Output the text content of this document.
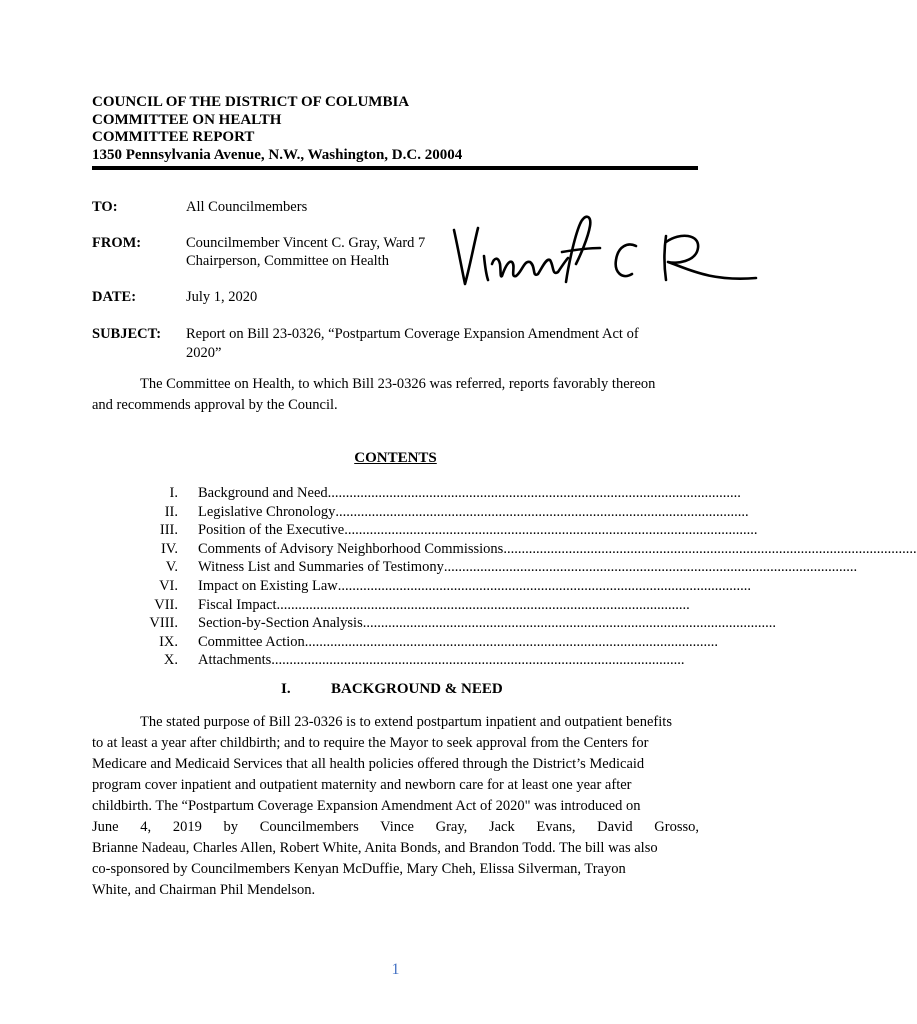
COUNCIL OF THE DISTRICT OF COLUMBIA
COMMITTEE ON HEALTH
COMMITTEE REPORT
1350 Pennsylvania Avenue, N.W., Washington, D.C. 20004
TO:	All Councilmembers
FROM:	Councilmember Vincent C. Gray, Ward 7
Chairperson, Committee on Health
DATE:	July 1, 2020
SUBJECT: Report on Bill 23-0326, “Postpartum Coverage Expansion Amendment Act of
2020”
The Committee on Health, to which Bill 23-0326 was referred, reports favorably thereon
and recommends approval by the Council.
CONTENTS
I.	Background and Need ..................................................................................................................
II.	Legislative Chronology ..................................................................................................................
III.	Position of the Executive ..................................................................................................................
IV.	Comments of Advisory Neighborhood Commissions ..................................................................................................................
V.	Witness List and Summaries of Testimony ..................................................................................................................
VI.	Impact on Existing Law ..................................................................................................................
VII.	Fiscal Impact ..................................................................................................................
VIII.	Section-by-Section Analysis ..................................................................................................................
IX.	Committee Action ..................................................................................................................
X.	Attachments ..................................................................................................................
I.	BACKGROUND & NEED
The stated purpose of Bill 23-0326 is to extend postpartum inpatient and outpatient benefits
to at least a year after childbirth; and to require the Mayor to seek approval from the Centers for
Medicare and Medicaid Services that all health policies offered through the District’s Medicaid
program cover inpatient and outpatient maternity and newborn care for at least one year after
childbirth. The “Postpartum Coverage Expansion Amendment Act of 2020" was introduced on
June 4, 2019 by Councilmembers Vince Gray, Jack Evans, David Grosso,
Brianne Nadeau, Charles Allen, Robert White, Anita Bonds, and Brandon Todd. The bill was also
co-sponsored by Councilmembers Kenyan McDuffie, Mary Cheh, Elissa Silverman, Trayon
White, and Chairman Phil Mendelson.
1
